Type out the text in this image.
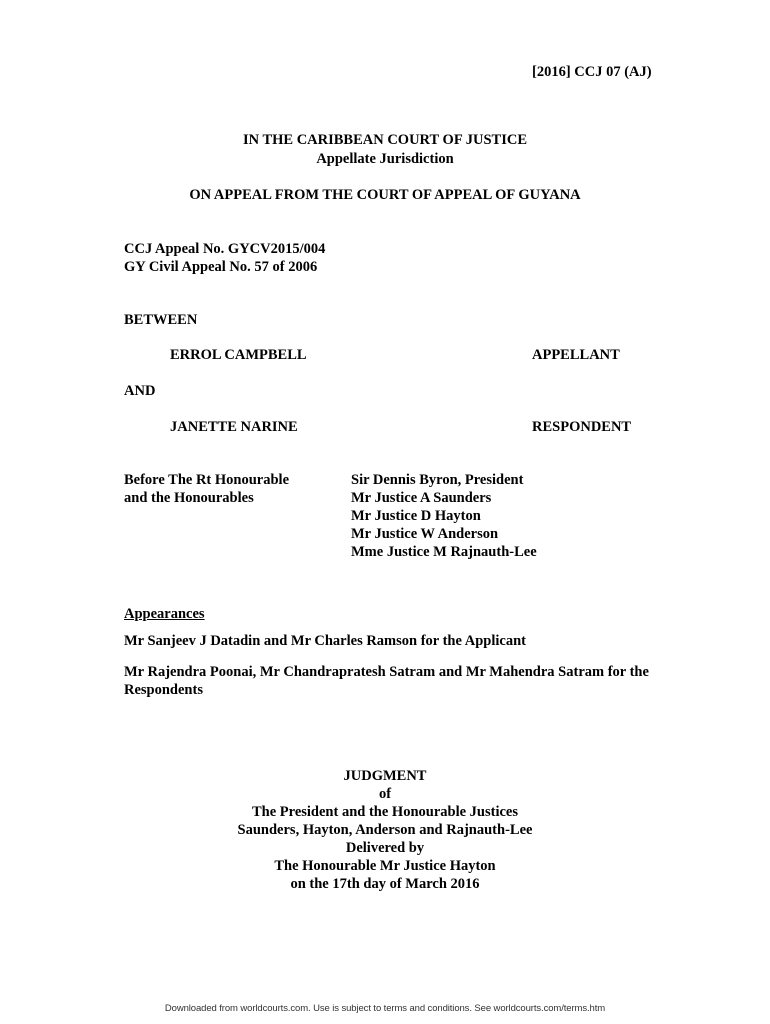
[2016] CCJ 07 (AJ)
IN THE CARIBBEAN COURT OF JUSTICE
Appellate Jurisdiction
ON APPEAL FROM THE COURT OF APPEAL OF GUYANA
CCJ Appeal No. GYCV2015/004
GY Civil Appeal No. 57 of 2006
BETWEEN
ERROL CAMPBELL	APPELLANT
AND
JANETTE NARINE	RESPONDENT
Before The Rt Honourable
and the Honourables
Sir Dennis Byron, President
Mr Justice A Saunders
Mr Justice D Hayton
Mr Justice W Anderson
Mme Justice M Rajnauth-Lee
Appearances
Mr Sanjeev J Datadin and Mr Charles Ramson for the Applicant
Mr Rajendra Poonai, Mr Chandrapratesh Satram and Mr Mahendra Satram for the
Respondents
JUDGMENT
of
The President and the Honourable Justices
Saunders, Hayton, Anderson and Rajnauth-Lee
Delivered by
The Honourable Mr Justice Hayton
on the 17th day of March 2016
Downloaded from worldcourts.com. Use is subject to terms and conditions. See worldcourts.com/terms.htm
